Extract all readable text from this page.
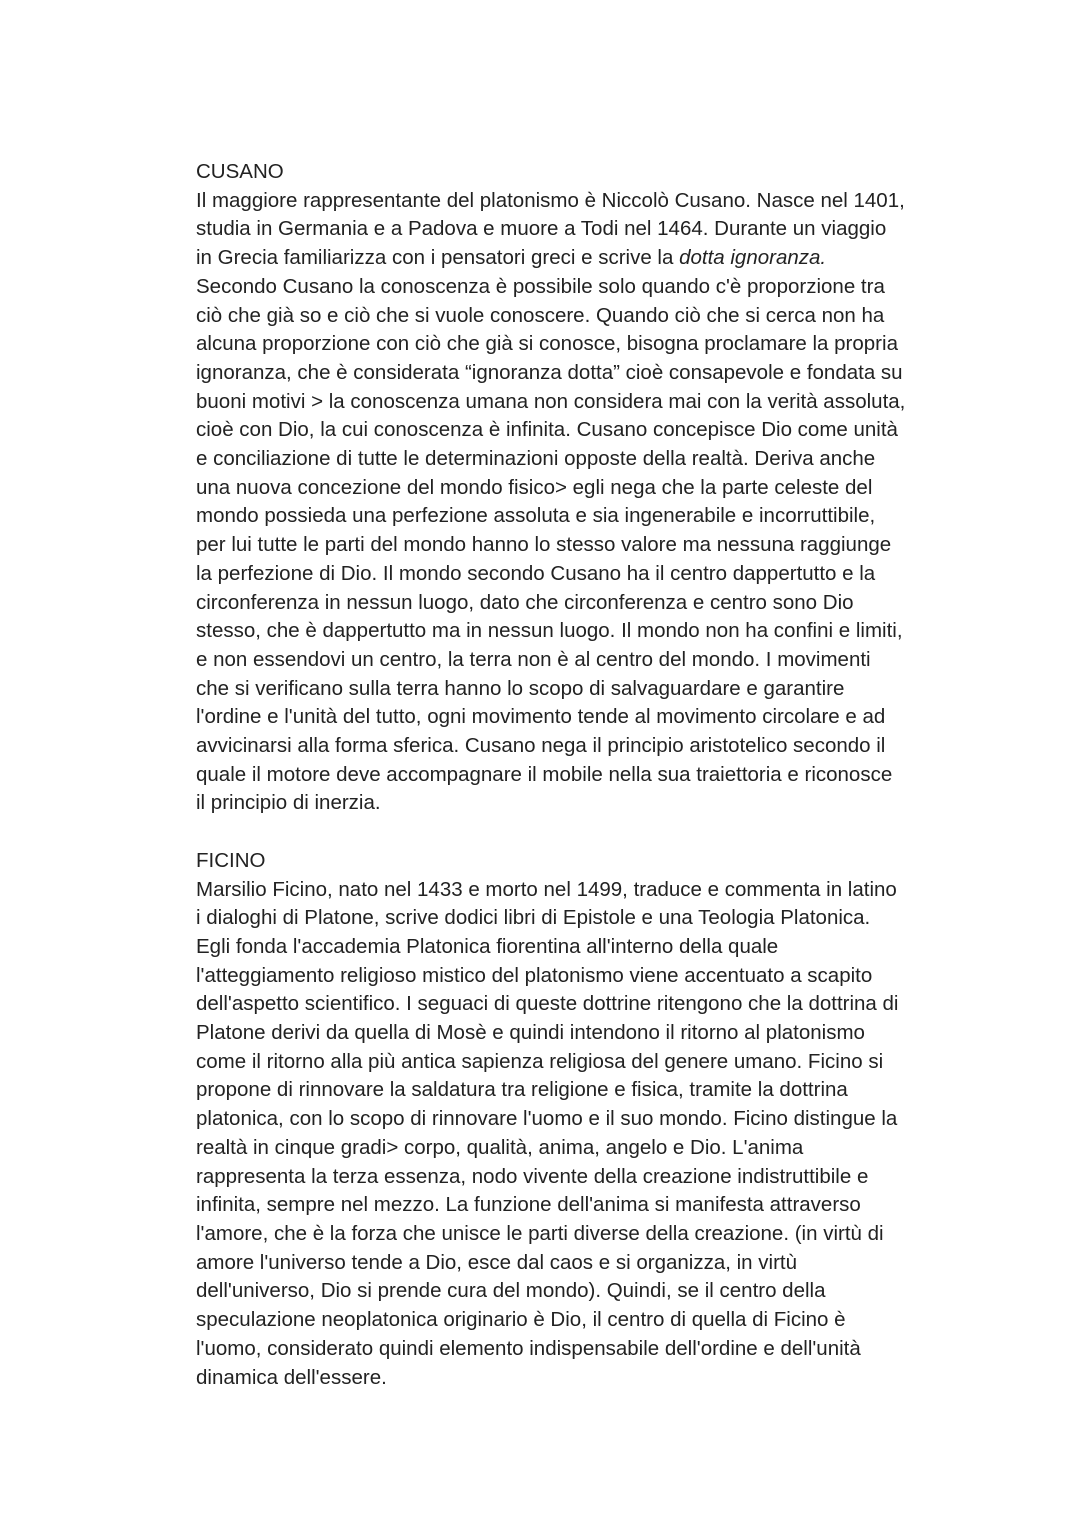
CUSANO

Il maggiore rappresentante del platonismo è Niccolò Cusano. Nasce nel 1401,
studia in Germania e a Padova e muore a Todi nel 1464. Durante un viaggio
in Grecia familiarizza con i pensatori greci e scrive la dotta ignoranza.
Secondo Cusano la conoscenza è possibile solo quando c'è proporzione tra
ciò che già so e ciò che si vuole conoscere. Quando ciò che si cerca non ha
alcuna proporzione con ciò che già si conosce, bisogna proclamare la propria
ignoranza, che è considerata “ignoranza dotta” cioè consapevole e fondata su
buoni motivi > la conoscenza umana non considera mai con la verità assoluta,
cioè con Dio, la cui conoscenza è infinita. Cusano concepisce Dio come unità
e conciliazione di tutte le determinazioni opposte della realtà. Deriva anche
una nuova concezione del mondo fisico> egli nega che la parte celeste del
mondo possieda una perfezione assoluta e sia ingenerabile e incorruttibile,
per lui tutte le parti del mondo hanno lo stesso valore ma nessuna raggiunge
la perfezione di Dio. Il mondo secondo Cusano ha il centro dappertutto e la
circonferenza in nessun luogo, dato che circonferenza e centro sono Dio
stesso, che è dappertutto ma in nessun luogo. Il mondo non ha confini e limiti,
e non essendovi un centro, la terra non è al centro del mondo. I movimenti
che si verificano sulla terra hanno lo scopo di salvaguardare e garantire
l'ordine e l'unità del tutto, ogni movimento tende al movimento circolare e ad
avvicinarsi alla forma sferica. Cusano nega il principio aristotelico secondo il
quale il motore deve accompagnare il mobile nella sua traiettoria e riconosce
il principio di inerzia.

FICINO

Marsilio Ficino, nato nel 1433 e morto nel 1499, traduce e commenta in latino
i dialoghi di Platone, scrive dodici libri di Epistole e una Teologia Platonica.
Egli fonda l'accademia Platonica fiorentina all'interno della quale
l'atteggiamento religioso mistico del platonismo viene accentuato a scapito
dell'aspetto scientifico. I seguaci di queste dottrine ritengono che la dottrina di
Platone derivi da quella di Mosè e quindi intendono il ritorno al platonismo
come il ritorno alla più antica sapienza religiosa del genere umano. Ficino si
propone di rinnovare la saldatura tra religione e fisica, tramite la dottrina
platonica, con lo scopo di rinnovare l'uomo e il suo mondo. Ficino distingue la
realtà in cinque gradi> corpo, qualità, anima, angelo e Dio. L'anima
rappresenta la terza essenza, nodo vivente della creazione indistruttibile e
infinita, sempre nel mezzo. La funzione dell'anima si manifesta attraverso
l'amore, che è la forza che unisce le parti diverse della creazione. (in virtù di
amore l'universo tende a Dio, esce dal caos e si organizza, in virtù
dell'universo, Dio si prende cura del mondo). Quindi, se il centro della
speculazione neoplatonica originario è Dio, il centro di quella di Ficino è
l'uomo, considerato quindi elemento indispensabile dell'ordine e dell'unità
dinamica dell'essere.
